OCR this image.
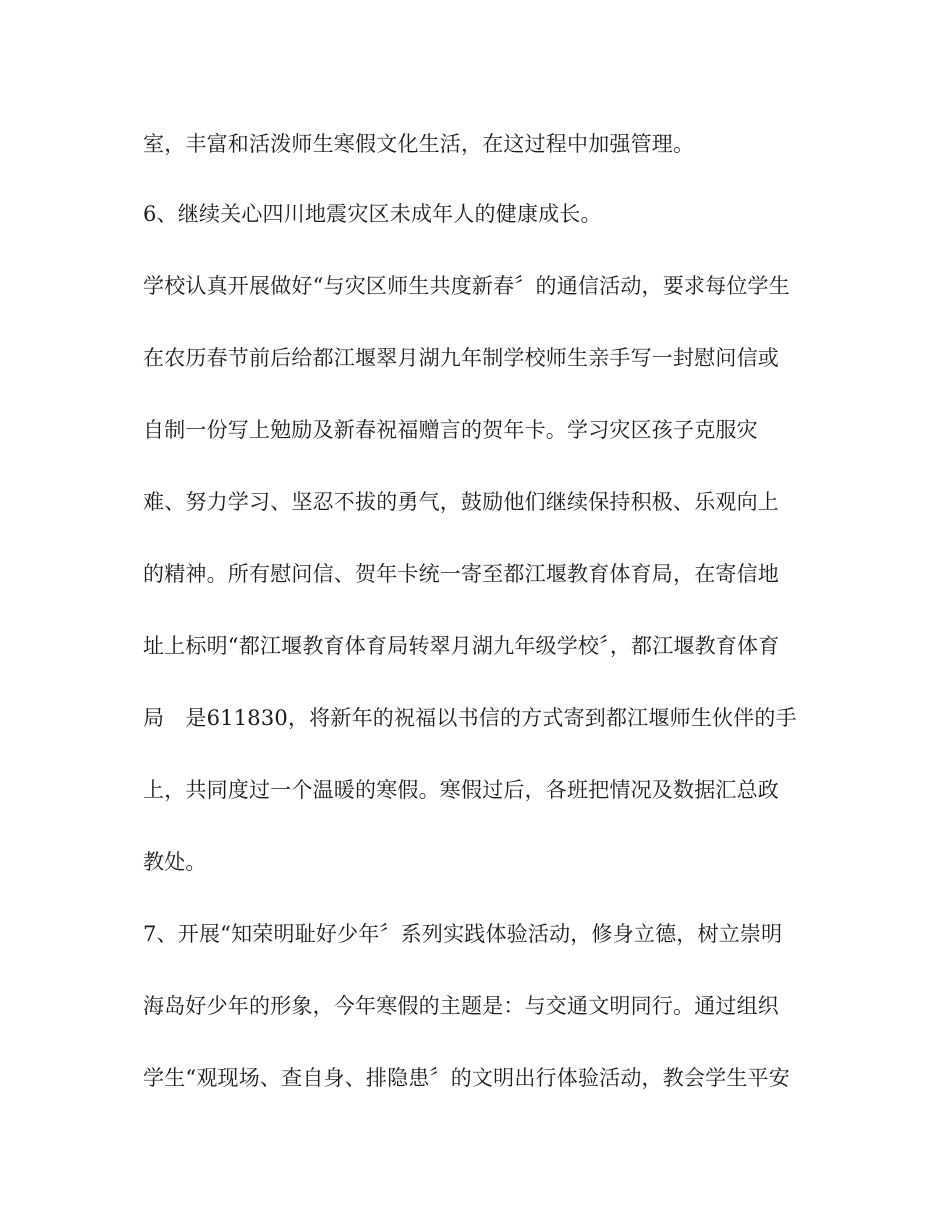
室，丰富和活泼师生寒假文化生活，在这过程中加强管理。
6、继续关心四川地震灾区未成年人的健康成长。
学校认真开展做好“与灾区师生共度新春〞的通信活动，要求每位学生
在农历春节前后给都江堰翠月湖九年制学校师生亲手写一封慰问信或
自制一份写上勉励及新春祝福赠言的贺年卡。学习灾区孩子克服灾
难、努力学习、坚忍不拔的勇气，鼓励他们继续保持积极、乐观向上
的精神。所有慰问信、贺年卡统一寄至都江堰教育体育局，在寄信地
址上标明“都江堰教育体育局转翠月湖九年级学校〞，都江堰教育体育
局　是611830，将新年的祝福以书信的方式寄到都江堰师生伙伴的手
上，共同度过一个温暖的寒假。寒假过后，各班把情况及数据汇总政
教处。
7、开展“知荣明耻好少年〞系列实践体验活动，修身立德，树立崇明
海岛好少年的形象，今年寒假的主题是：与交通文明同行。通过组织
学生“观现场、查自身、排隐患〞的文明出行体验活动，教会学生平安
